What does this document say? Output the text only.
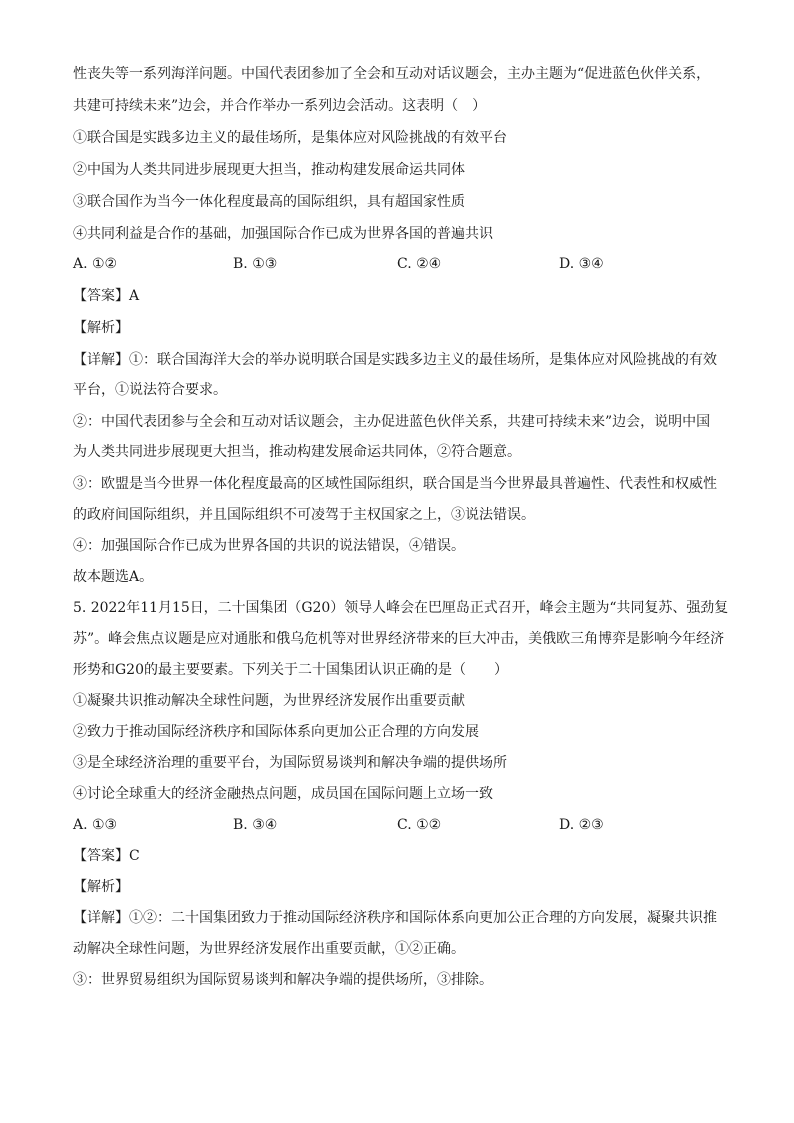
性丧失等一系列海洋问题。中国代表团参加了全会和互动对话议题会，主办主题为“促进蓝色伙伴关系，
共建可持续未来”边会，并合作举办一系列边会活动。这表明（　）
①联合国是实践多边主义的最佳场所，是集体应对风险挑战的有效平台
②中国为人类共同进步展现更大担当，推动构建发展命运共同体
③联合国作为当今一体化程度最高的国际组织，具有超国家性质
④共同利益是合作的基础，加强国际合作已成为世界各国的普遍共识
A. ①②	B. ①③	C. ②④	D. ③④
【答案】A
【解析】
【详解】①：联合国海洋大会的举办说明联合国是实践多边主义的最佳场所，是集体应对风险挑战的有效
平台，①说法符合要求。
②：中国代表团参与全会和互动对话议题会，主办促进蓝色伙伴关系，共建可持续未来”边会，说明中国
为人类共同进步展现更大担当，推动构建发展命运共同体，②符合题意。
③：欧盟是当今世界一体化程度最高的区域性国际组织，联合国是当今世界最具普遍性、代表性和权威性
的政府间国际组织，并且国际组织不可凌驾于主权国家之上，③说法错误。
④：加强国际合作已成为世界各国的共识的说法错误，④错误。
故本题选A。
5. 2022年11月15日，二十国集团（G20）领导人峰会在巴厘岛正式召开，峰会主题为“共同复苏、强劲复
苏”。峰会焦点议题是应对通胀和俄乌危机等对世界经济带来的巨大冲击，美俄欧三角博弈是影响今年经济
形势和G20的最主要要素。下列关于二十国集团认识正确的是（　　）
①凝聚共识推动解决全球性问题，为世界经济发展作出重要贡献
②致力于推动国际经济秩序和国际体系向更加公正合理的方向发展
③是全球经济治理的重要平台，为国际贸易谈判和解决争端的提供场所
④讨论全球重大的经济金融热点问题，成员国在国际问题上立场一致
A. ①③	B. ③④	C. ①②	D. ②③
【答案】C
【解析】
【详解】①②：二十国集团致力于推动国际经济秩序和国际体系向更加公正合理的方向发展，凝聚共识推
动解决全球性问题，为世界经济发展作出重要贡献，①②正确。
③：世界贸易组织为国际贸易谈判和解决争端的提供场所，③排除。
